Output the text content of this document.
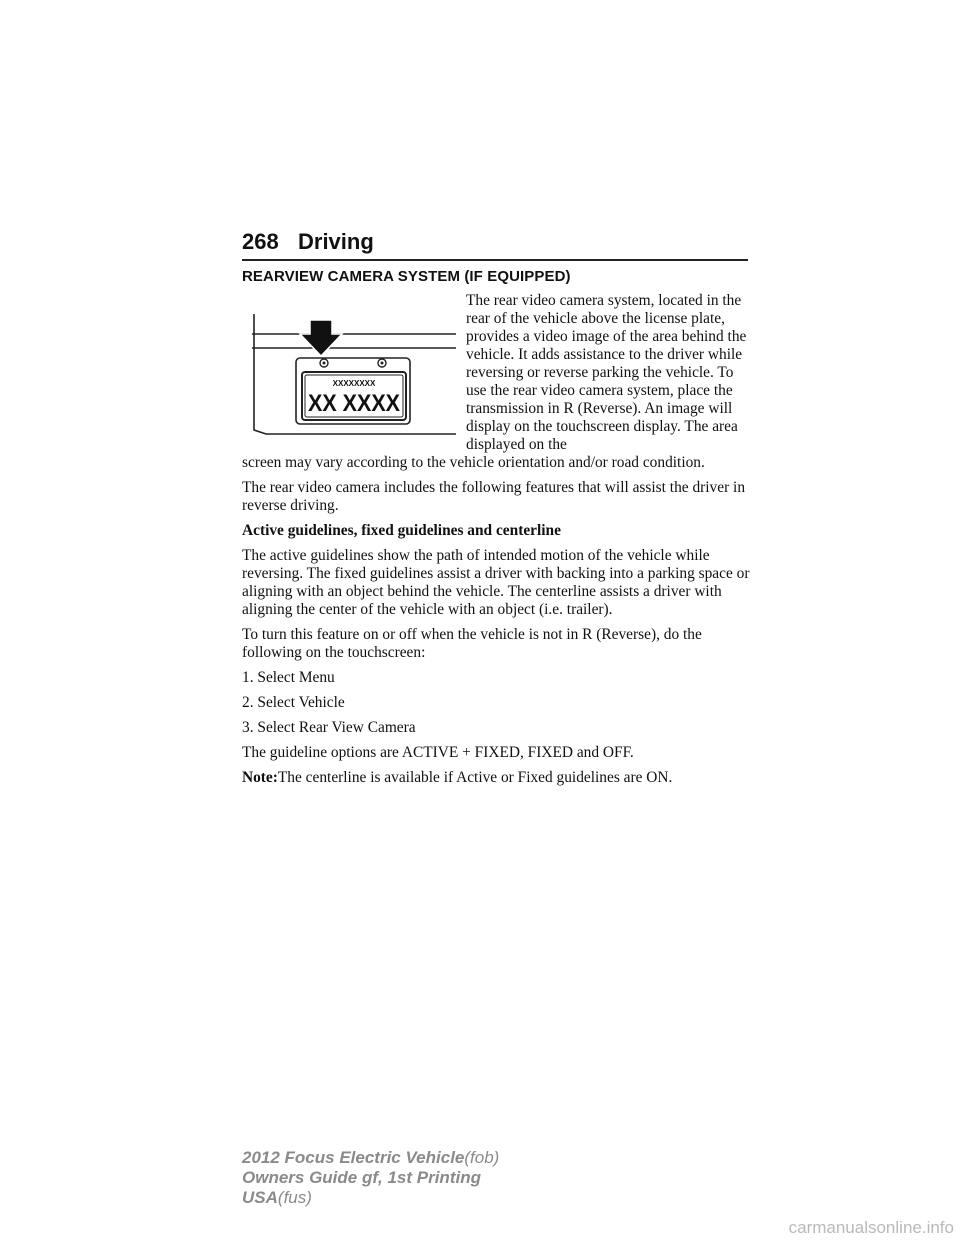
268 Driving
REARVIEW CAMERA SYSTEM (IF EQUIPPED)
XXXXXXXX
XX XXXX
The rear video camera system, located in the rear of the vehicle above the license plate, provides a video image of the area behind the vehicle. It adds assistance to the driver while reversing or reverse parking the vehicle. To use the rear video camera system, place the transmission in R (Reverse). An image will display on the touchscreen display. The area displayed on the

screen may vary according to the vehicle orientation and/or road condition.

The rear video camera includes the following features that will assist the driver in reverse driving.

Active guidelines, fixed guidelines and centerline

The active guidelines show the path of intended motion of the vehicle while reversing. The fixed guidelines assist a driver with backing into a parking space or aligning with an object behind the vehicle. The centerline assists a driver with aligning the center of the vehicle with an object (i.e. trailer).

To turn this feature on or off when the vehicle is not in R (Reverse), do the following on the touchscreen:

1. Select Menu

2. Select Vehicle

3. Select Rear View Camera

The guideline options are ACTIVE + FIXED, FIXED and OFF.

Note:The centerline is available if Active or Fixed guidelines are ON.

2012 Focus Electric Vehicle(fob)
Owners Guide gf, 1st Printing
USA(fus)
carmanualsonline.info
